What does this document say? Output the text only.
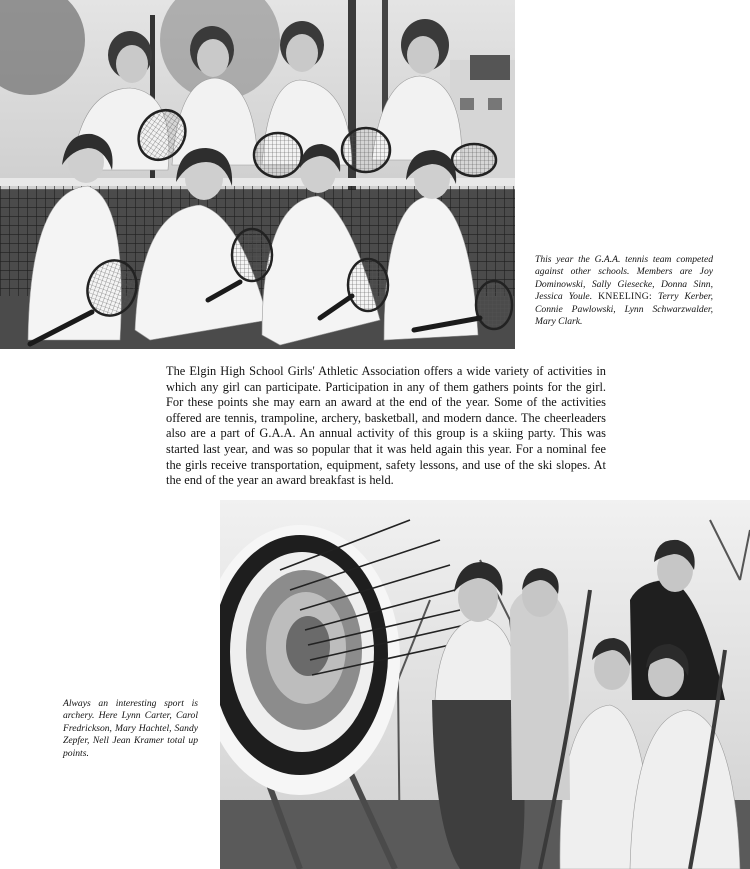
This year the G.A.A. tennis team competed against other schools. Members are Joy Dominowski, Sally Giesecke, Donna Sinn, Jessica Youle. KNEELING: Terry Kerber, Connie Pawlowski, Lynn Schwarzwalder, Mary Clark.
The Elgin High School Girls' Athletic Association offers a wide variety of activities in which any girl can participate. Participation in any of them gathers points for the girl. For these points she may earn an award at the end of the year. Some of the activities offered are tennis, trampoline, archery, basketball, and modern dance. The cheerleaders also are a part of G.A.A. An annual activity of this group is a skiing party. This was started last year, and was so popular that it was held again this year. For a nominal fee the girls receive transportation, equipment, safety lessons, and use of the ski slopes. At the end of the year an award breakfast is held.
Always an interesting sport is archery. Here Lynn Carter, Carol Fredrickson, Mary Hachtel, Sandy Zepfer, Nell Jean Kramer total up points.
